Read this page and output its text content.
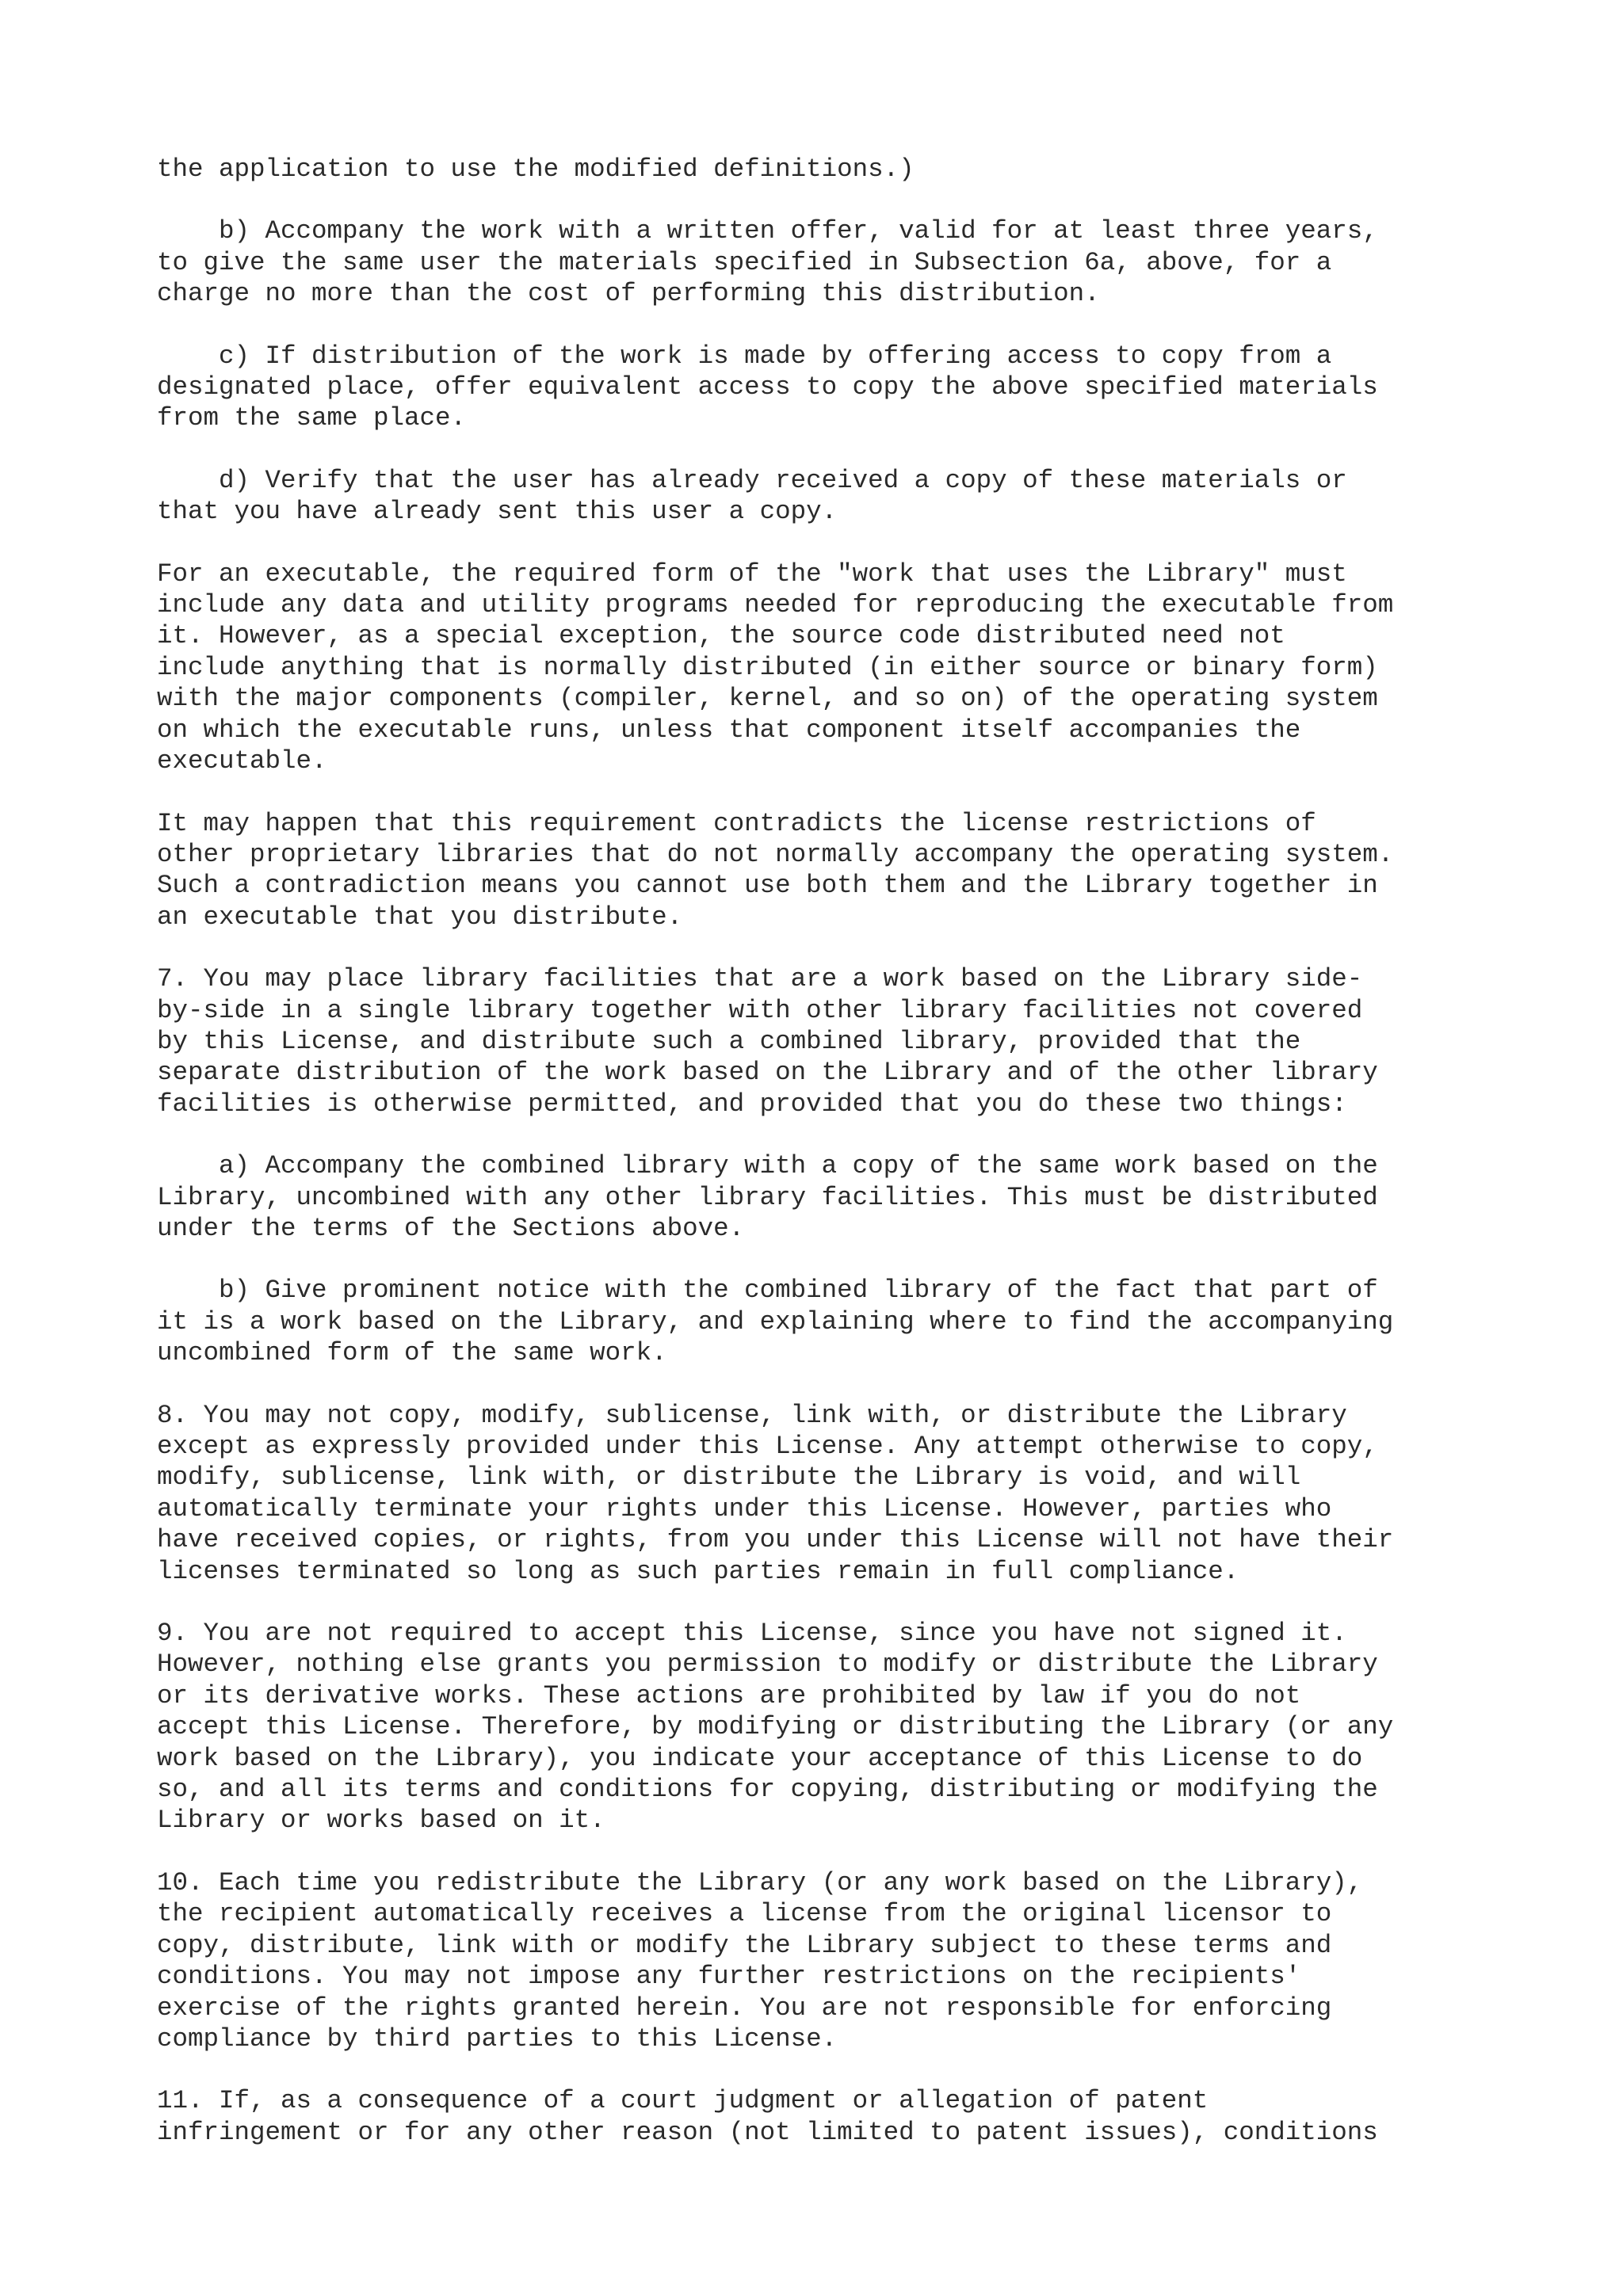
the application to use the modified definitions.)
b) Accompany the work with a written offer, valid for at least three years,
to give the same user the materials specified in Subsection 6a, above, for a
charge no more than the cost of performing this distribution.
c) If distribution of the work is made by offering access to copy from a
designated place, offer equivalent access to copy the above specified materials
from the same place.
d) Verify that the user has already received a copy of these materials or
that you have already sent this user a copy.
For an executable, the required form of the "work that uses the Library" must
include any data and utility programs needed for reproducing the executable from
it. However, as a special exception, the source code distributed need not
include anything that is normally distributed (in either source or binary form)
with the major components (compiler, kernel, and so on) of the operating system
on which the executable runs, unless that component itself accompanies the
executable.
It may happen that this requirement contradicts the license restrictions of
other proprietary libraries that do not normally accompany the operating system.
Such a contradiction means you cannot use both them and the Library together in
an executable that you distribute.
7. You may place library facilities that are a work based on the Library side-
by-side in a single library together with other library facilities not covered
by this License, and distribute such a combined library, provided that the
separate distribution of the work based on the Library and of the other library
facilities is otherwise permitted, and provided that you do these two things:
a) Accompany the combined library with a copy of the same work based on the
Library, uncombined with any other library facilities. This must be distributed
under the terms of the Sections above.
b) Give prominent notice with the combined library of the fact that part of
it is a work based on the Library, and explaining where to find the accompanying
uncombined form of the same work.
8. You may not copy, modify, sublicense, link with, or distribute the Library
except as expressly provided under this License. Any attempt otherwise to copy,
modify, sublicense, link with, or distribute the Library is void, and will
automatically terminate your rights under this License. However, parties who
have received copies, or rights, from you under this License will not have their
licenses terminated so long as such parties remain in full compliance.
9. You are not required to accept this License, since you have not signed it.
However, nothing else grants you permission to modify or distribute the Library
or its derivative works. These actions are prohibited by law if you do not
accept this License. Therefore, by modifying or distributing the Library (or any
work based on the Library), you indicate your acceptance of this License to do
so, and all its terms and conditions for copying, distributing or modifying the
Library or works based on it.
10. Each time you redistribute the Library (or any work based on the Library),
the recipient automatically receives a license from the original licensor to
copy, distribute, link with or modify the Library subject to these terms and
conditions. You may not impose any further restrictions on the recipients'
exercise of the rights granted herein. You are not responsible for enforcing
compliance by third parties to this License.
11. If, as a consequence of a court judgment or allegation of patent
infringement or for any other reason (not limited to patent issues), conditions
